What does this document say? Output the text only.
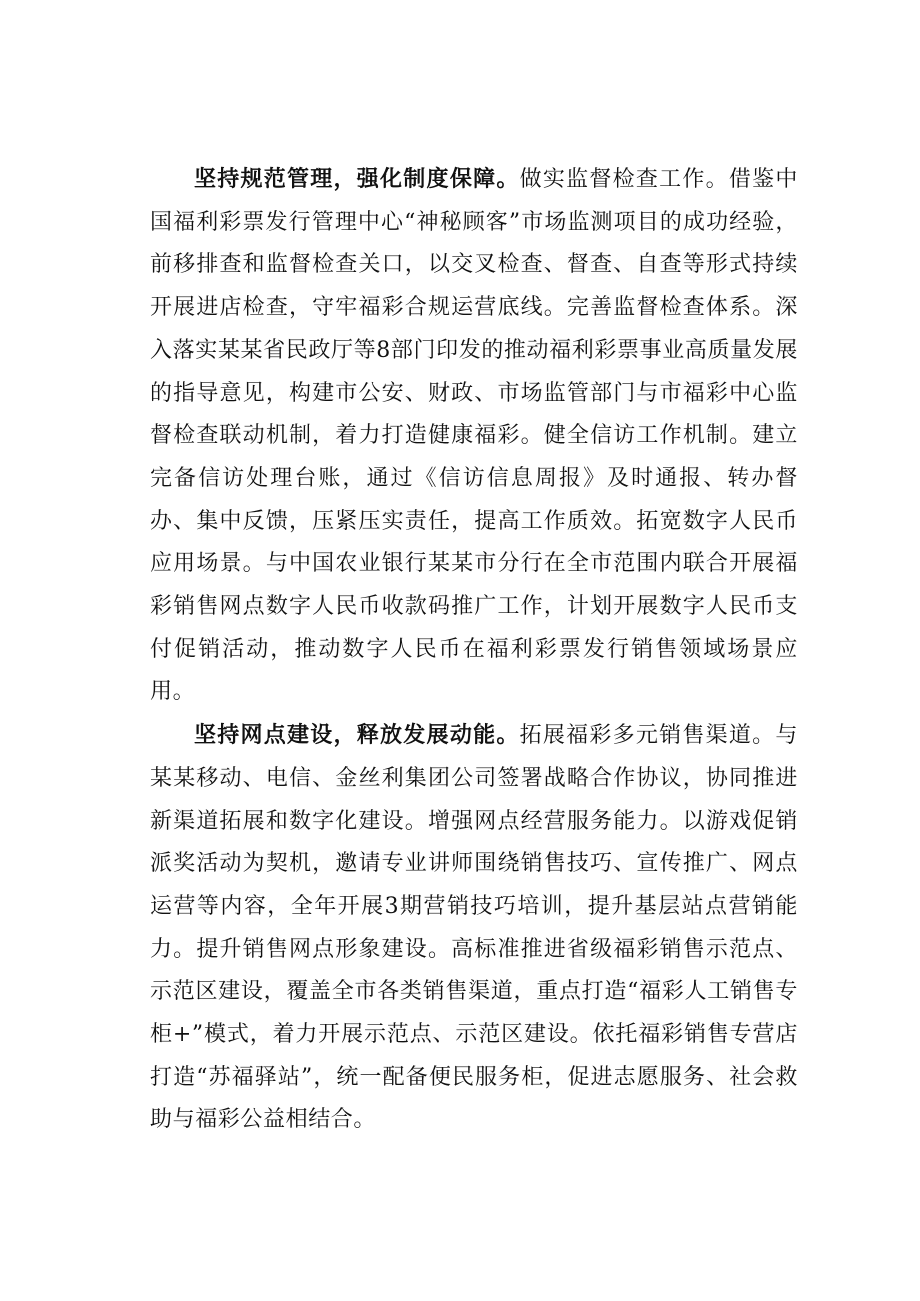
坚持规范管理，强化制度保障。做实监督检查工作。借鉴中国福利彩票发行管理中心“神秘顾客”市场监测项目的成功经验，前移排查和监督检查关口，以交叉检查、督查、自查等形式持续开展进店检查，守牢福彩合规运营底线。完善监督检查体系。深入落实某某省民政厅等8部门印发的推动福利彩票事业高质量发展的指导意见，构建市公安、财政、市场监管部门与市福彩中心监督检查联动机制，着力打造健康福彩。健全信访工作机制。建立完备信访处理台账，通过《信访信息周报》及时通报、转办督办、集中反馈，压紧压实责任，提高工作质效。拓宽数字人民币应用场景。与中国农业银行某某市分行在全市范围内联合开展福彩销售网点数字人民币收款码推广工作，计划开展数字人民币支付促销活动，推动数字人民币在福利彩票发行销售领域场景应用。

坚持网点建设，释放发展动能。拓展福彩多元销售渠道。与某某移动、电信、金丝利集团公司签署战略合作协议，协同推进新渠道拓展和数字化建设。增强网点经营服务能力。以游戏促销派奖活动为契机，邀请专业讲师围绕销售技巧、宣传推广、网点运营等内容，全年开展3期营销技巧培训，提升基层站点营销能力。提升销售网点形象建设。高标准推进省级福彩销售示范点、示范区建设，覆盖全市各类销售渠道，重点打造“福彩人工销售专柜+”模式，着力开展示范点、示范区建设。依托福彩销售专营店打造“苏福驿站”，统一配备便民服务柜，促进志愿服务、社会救助与福彩公益相结合。
